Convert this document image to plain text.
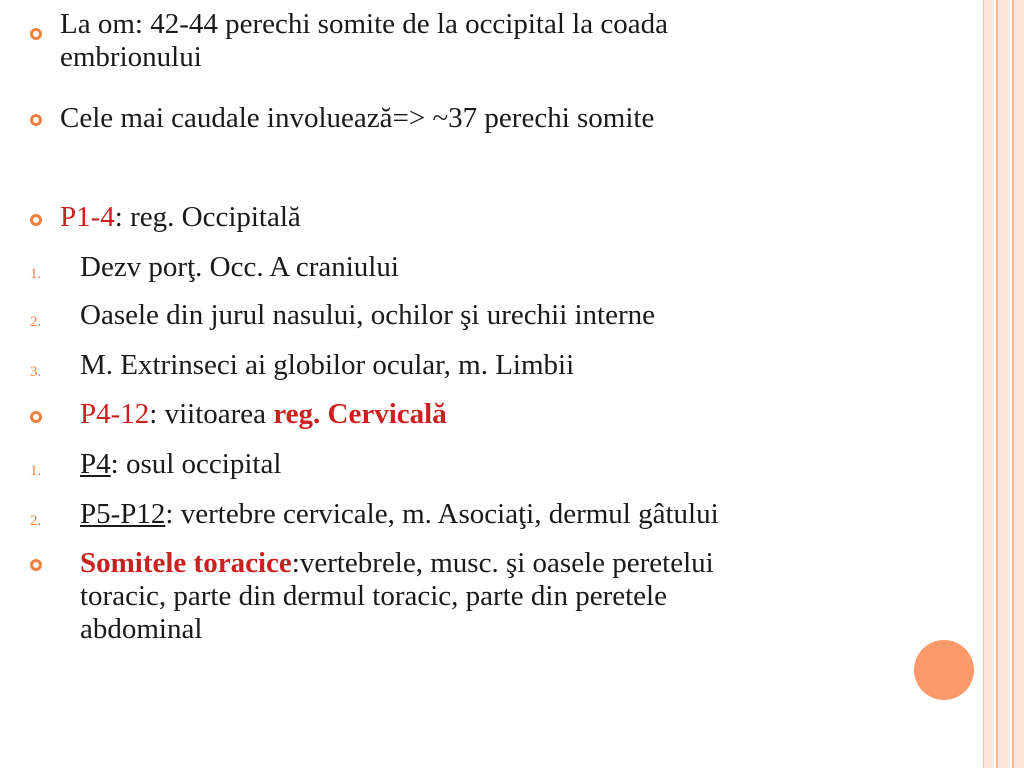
La om: 42-44 perechi somite de la occipital la coada
embrionului
Cele mai caudale involuează=> ~37 perechi somite
P1-4: reg. Occipitală
1. Dezv porţ. Occ. A craniului
2. Oasele din jurul nasului, ochilor şi urechii interne
3. M. Extrinseci ai globilor ocular, m. Limbii
P4-12: viitoarea reg. Cervicală
1. P4: osul occipital
2. P5-P12: vertebre cervicale, m. Asociaţi, dermul gâtului
Somitele toracice:vertebrele, musc. şi oasele peretelui
toracic, parte din dermul toracic, parte din peretele
abdominal
